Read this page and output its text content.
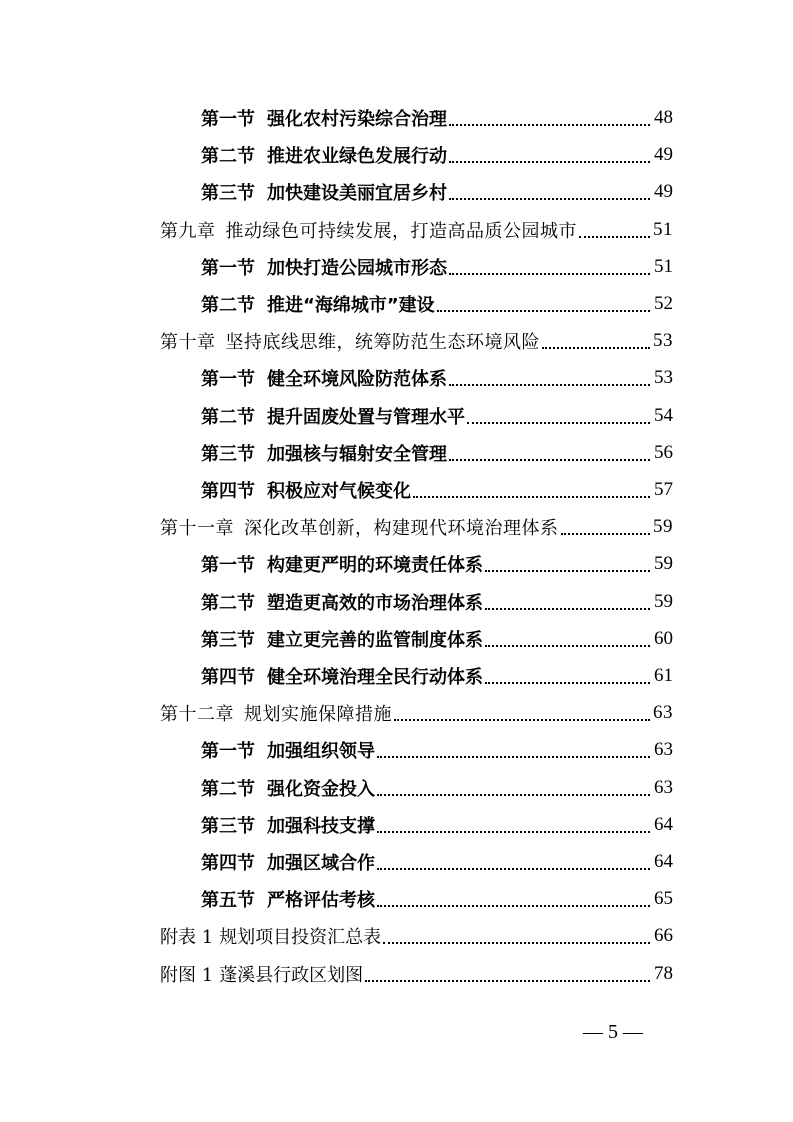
第一节 强化农村污染综合治理	48
第二节 推进农业绿色发展行动	49
第三节 加快建设美丽宜居乡村	49
第九章 推动绿色可持续发展，打造高品质公园城市	51
第一节 加快打造公园城市形态	51
第二节 推进“海绵城市”建设	52
第十章 坚持底线思维，统筹防范生态环境风险	53
第一节 健全环境风险防范体系	53
第二节 提升固废处置与管理水平	54
第三节 加强核与辐射安全管理	56
第四节 积极应对气候变化	57
第十一章 深化改革创新，构建现代环境治理体系	59
第一节 构建更严明的环境责任体系	59
第二节 塑造更高效的市场治理体系	59
第三节 建立更完善的监管制度体系	60
第四节 健全环境治理全民行动体系	61
第十二章 规划实施保障措施	63
第一节 加强组织领导	63
第二节 强化资金投入	63
第三节 加强科技支撑	64
第四节 加强区域合作	64
第五节 严格评估考核	65
附表 1 规划项目投资汇总表	66
附图 1 蓬溪县行政区划图	78
— 5 —
